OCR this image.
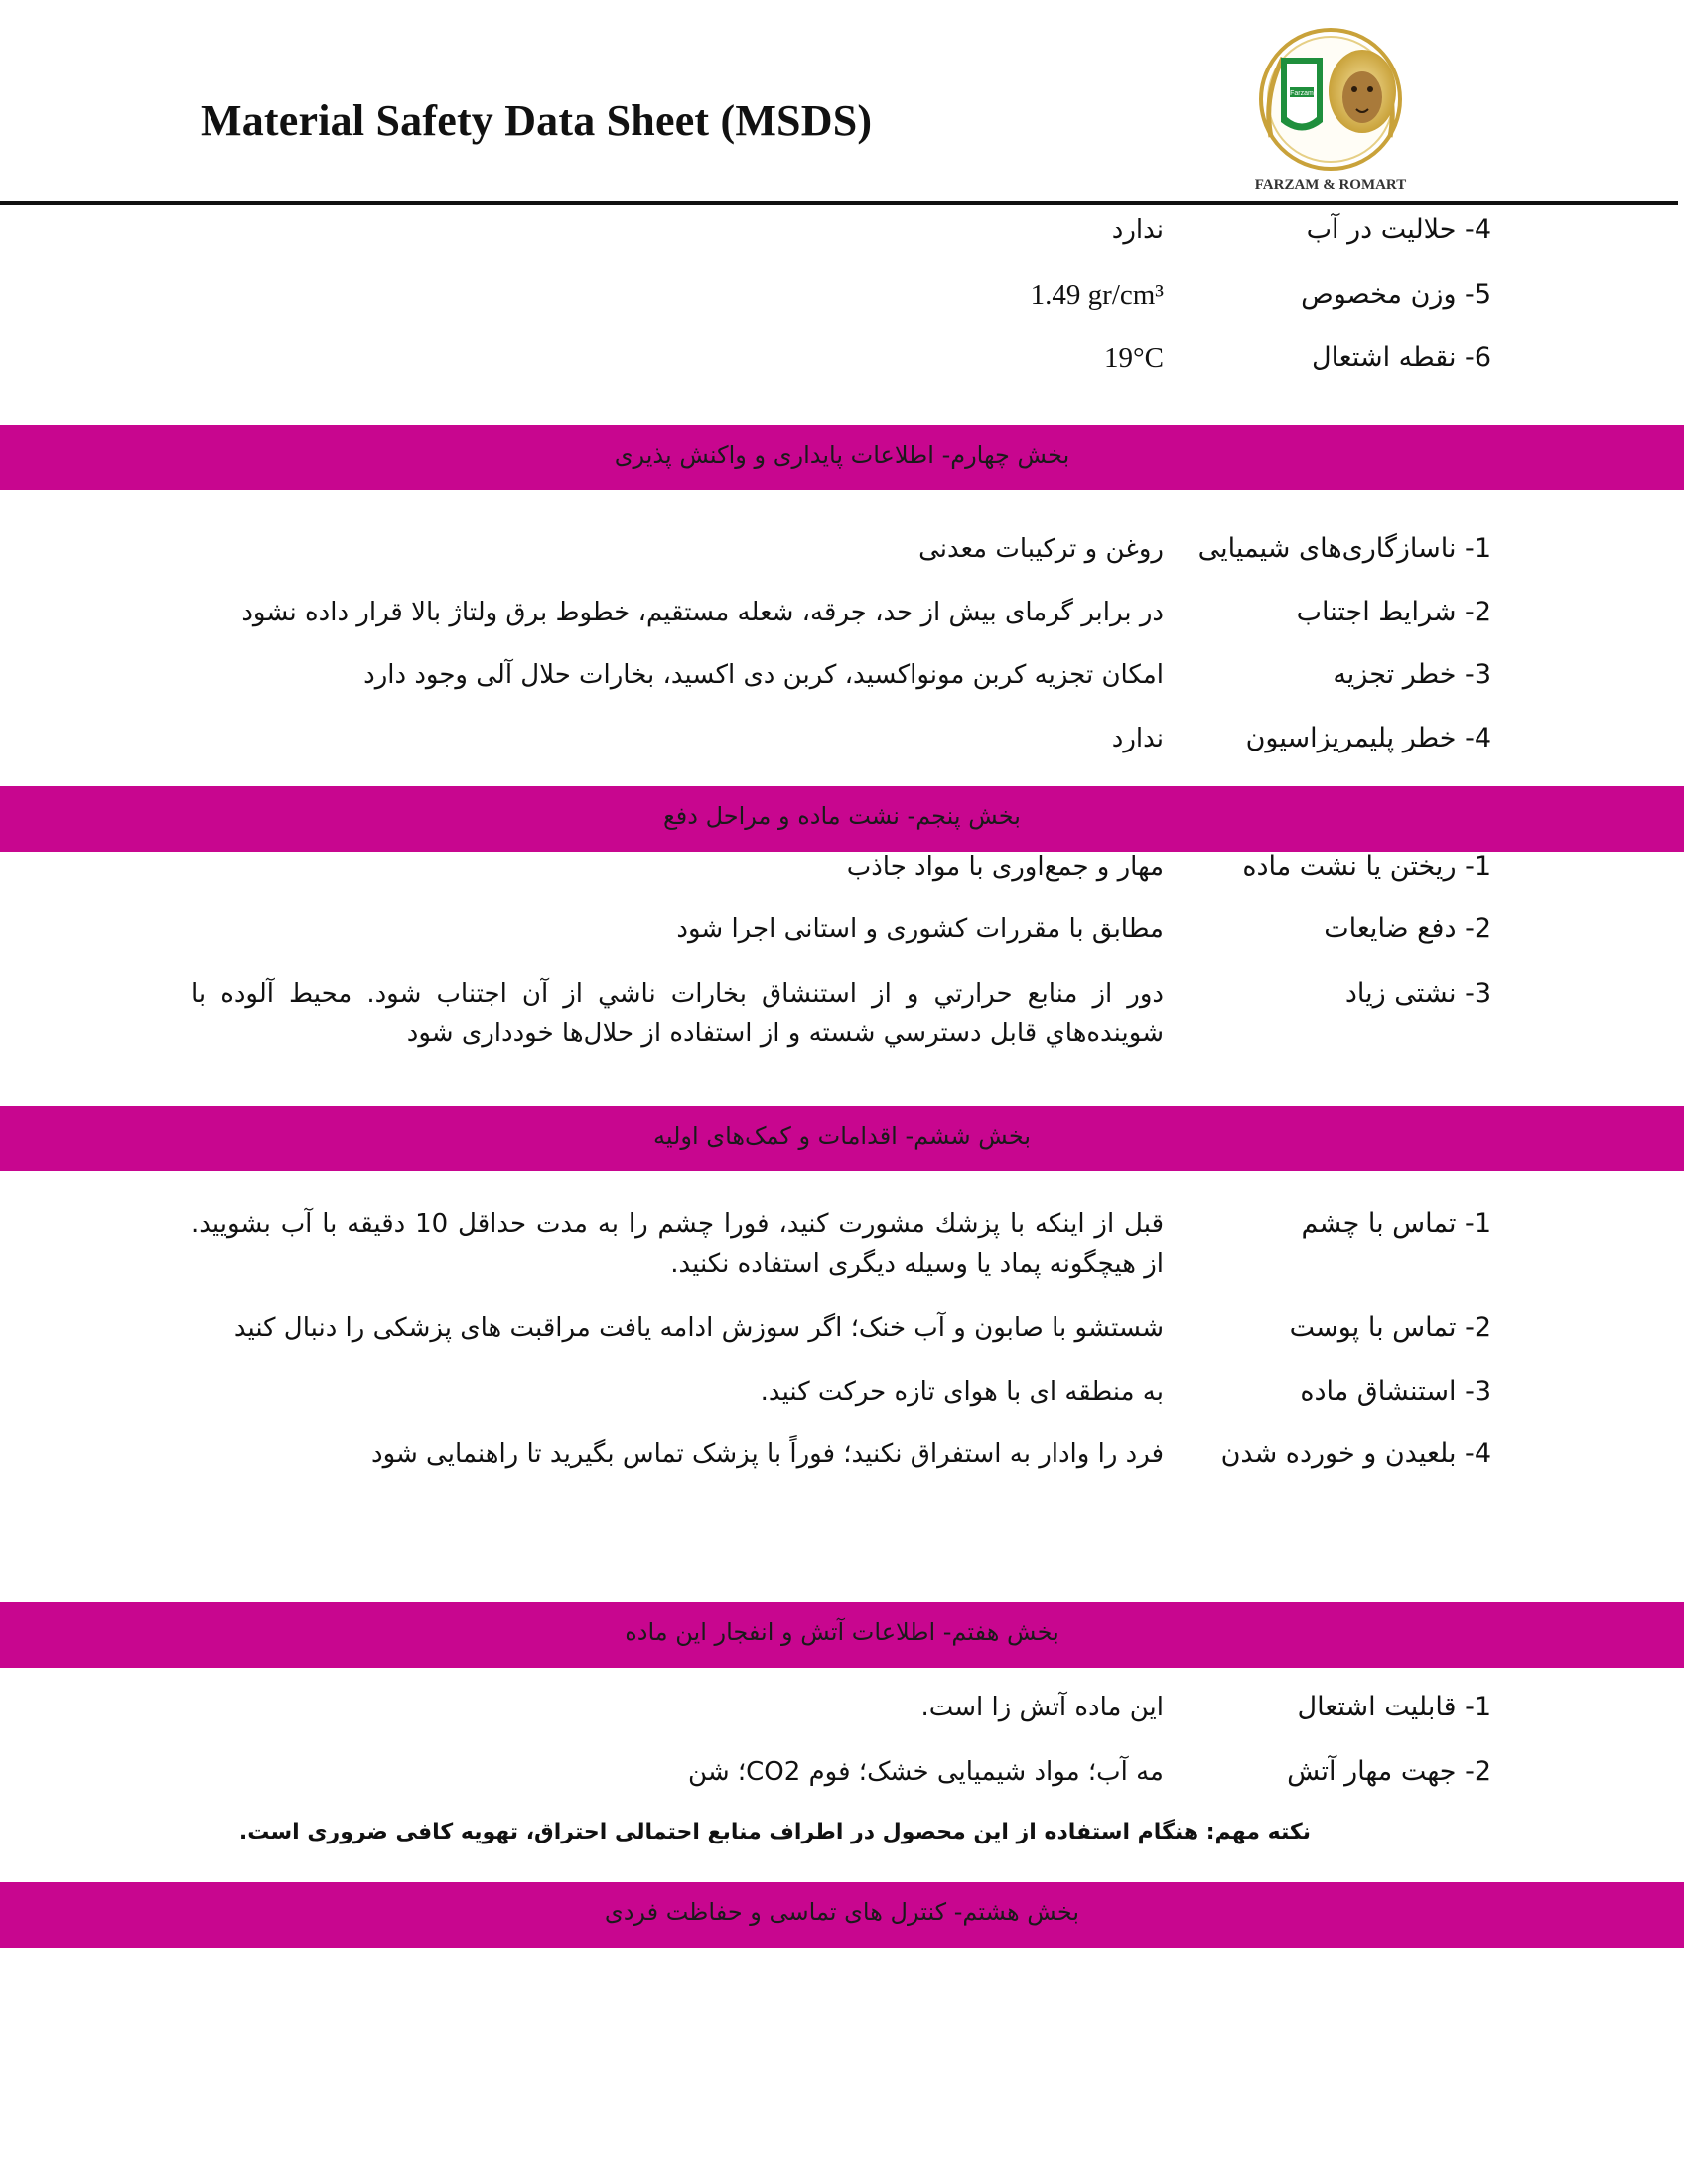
Material Safety Data Sheet (MSDS)
Farzam
FARZAM & ROMART
4- حلالیت در آب
ندارد
5- وزن مخصوص
1.49 gr/cm³
6- نقطه اشتعال
19°C
بخش چهارم- اطلاعات پایداری و واکنش پذیری
1- ناسازگاری‌های شیمیایی
روغن و ترکیبات معدنی
2- شرایط اجتناب
در برابر گرمای بیش از حد، جرقه، شعله مستقیم، خطوط برق ولتاژ بالا قرار داده نشود
3- خطر تجزیه
امکان تجزیه کربن مونواکسید، کربن دی اکسید، بخارات حلال آلی وجود دارد
4- خطر پلیمریزاسیون
ندارد
بخش پنجم- نشت ماده و مراحل دفع
1- ریختن یا نشت ماده
مهار و جمع‌اوری با مواد جاذب
2- دفع ضایعات
مطابق با مقررات کشوری و استانی اجرا شود
3- نشتی زیاد
دور از منابع حرارتي و از استنشاق بخارات ناشي از آن اجتناب شود. محیط آلوده با شوینده‌هاي قابل دسترسي شسته و از استفاده از حلال‌ها خودداری شود
بخش ششم- اقدامات و کمک‌های اولیه
1- تماس با چشم
قبل از اینکه با پزشك مشورت کنید، فورا چشم را به مدت حداقل 10 دقیقه با آب بشویید. از هیچگونه پماد یا وسیله دیگری استفاده نکنید.
2- تماس با پوست
شستشو با صابون و آب خنک؛ اگر سوزش ادامه یافت مراقبت های پزشکی را دنبال کنید
3- استنشاق ماده
به منطقه ای با هوای تازه حرکت کنید.
4- بلعیدن و خورده شدن
فرد را وادار به استفراق نکنید؛ فوراً با پزشک تماس بگیرید تا راهنمایی شود
بخش هفتم- اطلاعات آتش و انفجار این ماده
1- قابلیت اشتعال
این ماده آتش زا است.
2- جهت مهار آتش
مه آب؛ مواد شیمیایی خشک؛ فوم CO2؛ شن
نکته مهم: هنگام استفاده از این محصول در اطراف منابع احتمالی احتراق، تهویه کافی ضروری است.
بخش هشتم- کنترل های تماسی و حفاظت فردی
